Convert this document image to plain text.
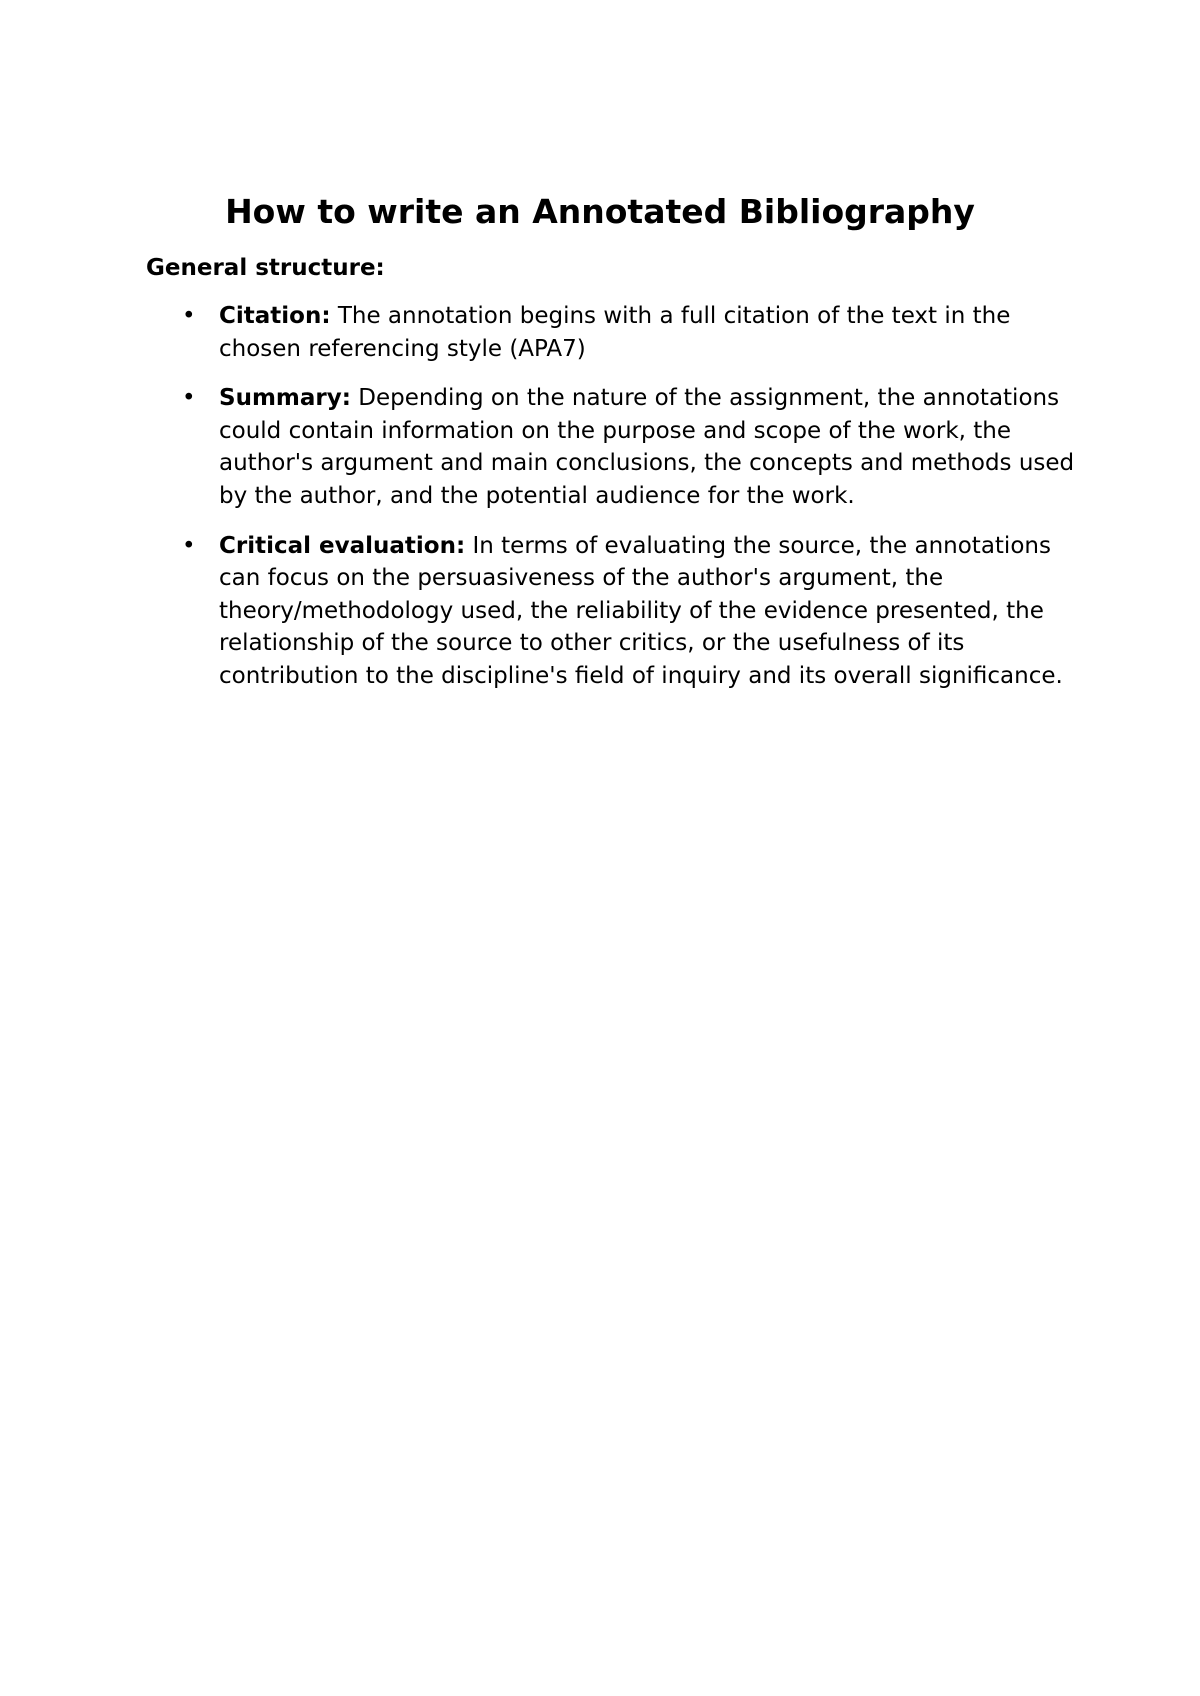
How to write an Annotated Bibliography
General structure:
• Citation: The annotation begins with a full citation of the text in the chosen referencing style (APA7)
• Summary: Depending on the nature of the assignment, the annotations could contain information on the purpose and scope of the work, the author's argument and main conclusions, the concepts and methods used by the author, and the potential audience for the work.
• Critical evaluation: In terms of evaluating the source, the annotations can focus on the persuasiveness of the author's argument, the theory/methodology used, the reliability of the evidence presented, the relationship of the source to other critics, or the usefulness of its contribution to the discipline's field of inquiry and its overall significance.
